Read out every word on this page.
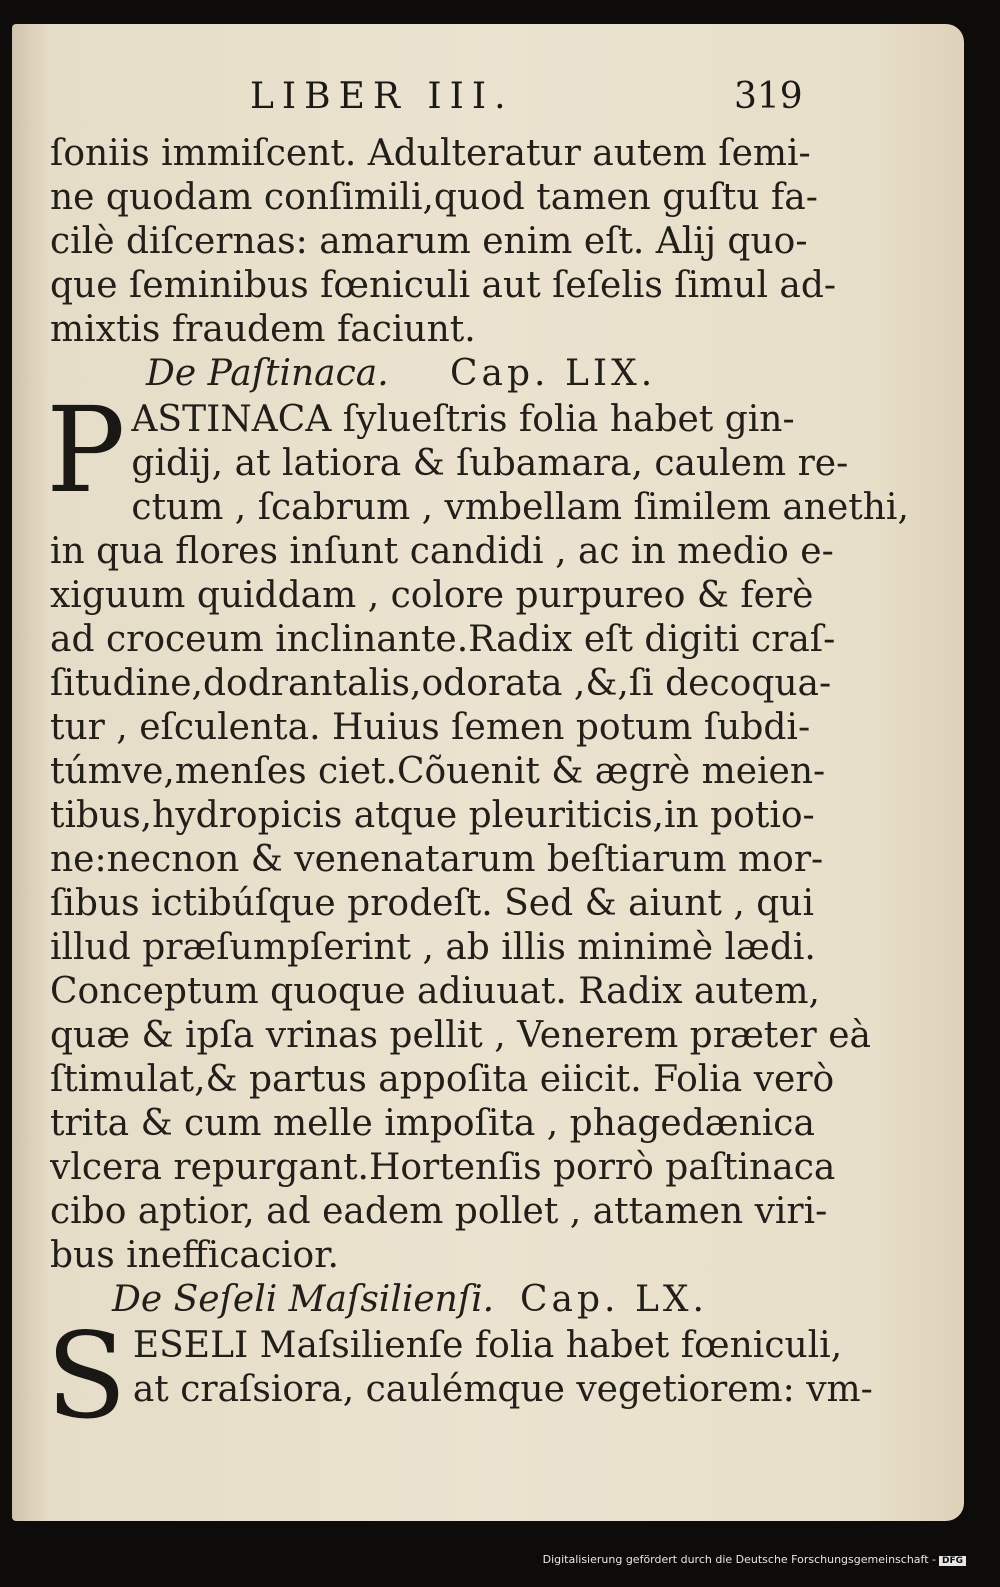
LIBER III.	319
ſoniis immiſcent. Adulteratur autem ſemi-
ne quodam conſimili,quod tamen guſtu fa-
cilè diſcernas: amarum enim eſt. Alij quo-
que ſeminibus fœniculi aut ſeſelis ſimul ad-
mixtis fraudem faciunt.
De Paſtinaca. Cap. LIX.
P ASTINACA ſylueſtris folia habet gin-
gidij, at latiora & ſubamara, caulem re-
ctum , ſcabrum , vmbellam ſimilem anethi,
in qua flores inſunt candidi , ac in medio e-
xiguum quiddam , colore purpureo & ferè
ad croceum inclinante.Radix eſt digiti craſ-
ſitudine,dodrantalis,odorata ,&,ſi decoqua-
tur , eſculenta. Huius ſemen potum ſubdi-
túmve,menſes ciet.Cõuenit & ægrè meien-
tibus,hydropicis atque pleuriticis,in potio-
ne:necnon & venenatarum beſtiarum mor-
ſibus ictibúſque prodeſt. Sed & aiunt , qui
illud præſumpſerint , ab illis minimè lædi.
Conceptum quoque adiuuat. Radix autem,
quæ & ipſa vrinas pellit , Venerem præter eà
ſtimulat,& partus appoſita eiicit. Folia verò
trita & cum melle impoſita , phagedænica
vlcera repurgant.Hortenſis porrò paſtinaca
cibo aptior, ad eadem pollet , attamen viri-
bus inefficacior.
De Seſeli Maſsilienſi. Cap. LX.
S ESELI Maſsilienſe folia habet fœniculi,
at craſsiora, caulémque vegetiorem: vm-
Digitalisierung gefördert durch die Deutsche Forschungsgemeinschaft - DFG
